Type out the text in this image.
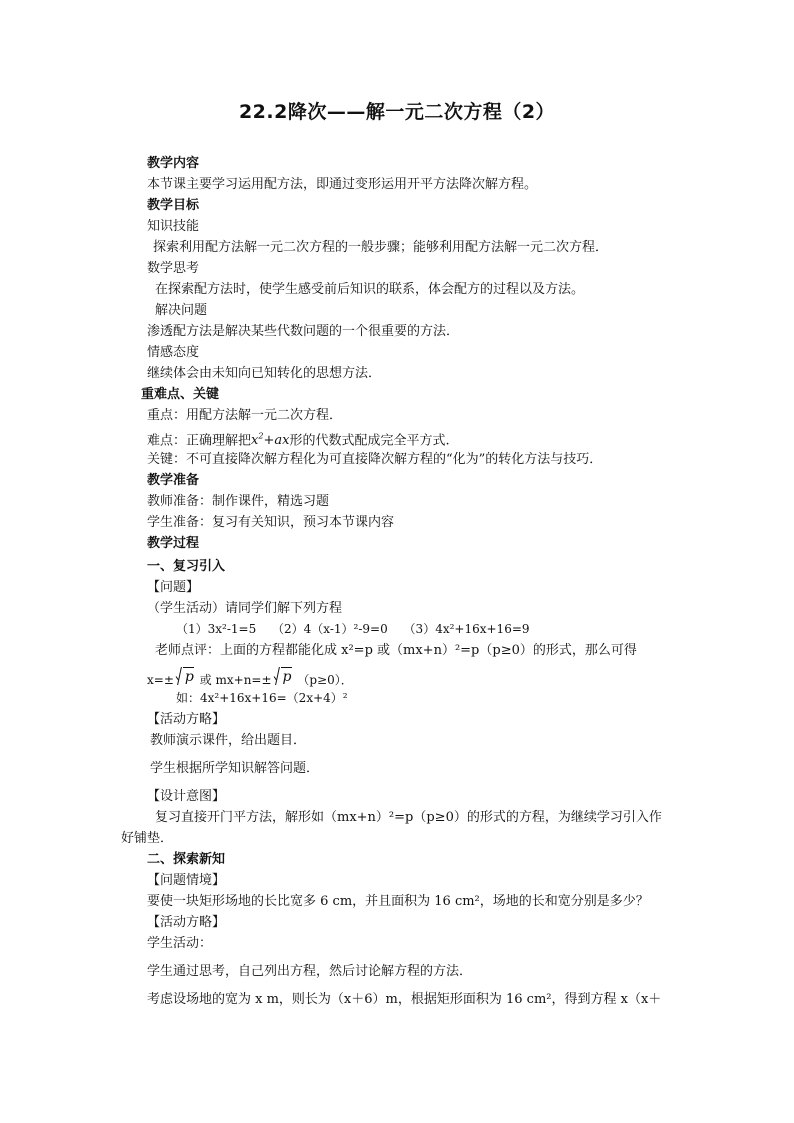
22.2降次——解一元二次方程（2）
教学内容
本节课主要学习运用配方法，即通过变形运用开平方法降次解方程。
教学目标
知识技能
探索利用配方法解一元二次方程的一般步骤；能够利用配方法解一元二次方程．
数学思考
在探索配方法时，使学生感受前后知识的联系，体会配方的过程以及方法。
解决问题
渗透配方法是解决某些代数问题的一个很重要的方法．
情感态度
继续体会由未知向已知转化的思想方法．
重难点、关键
重点：用配方法解一元二次方程．
难点：正确理解把$x^2+ax$形的代数式配成完全平方式.
关键：不可直接降次解方程化为可直接降次解方程的“化为”的转化方法与技巧．
教学准备
教师准备：制作课件，精选习题
学生准备：复习有关知识，预习本节课内容
教学过程
一、复习引入
【问题】
（学生活动）请同学们解下列方程
（1）3x²-1=5　 （2）4（x-1）²-9=0　 （3）4x²+16x+16=9
老师点评：上面的方程都能化成 x²=p 或（mx+n）²=p（p≥0）的形式，那么可得
x=± p 或 mx+n=± p （p≥0）．
如：4x²+16x+16=（2x+4）²
【活动方略】
教师演示课件，给出题目．
学生根据所学知识解答问题．
【设计意图】
复习直接开门平方法，解形如（mx+n）²=p（p≥0）的形式的方程，为继续学习引入作
好铺垫．
二、探索新知
【问题情境】
要使一块矩形场地的长比宽多 6 cm，并且面积为 16 cm²，场地的长和宽分别是多少？
【活动方略】
学生活动：
学生通过思考，自己列出方程，然后讨论解方程的方法．
考虑设场地的宽为 x m，则长为（x＋6）m，根据矩形面积为 16 cm²，得到方程 x（x＋
